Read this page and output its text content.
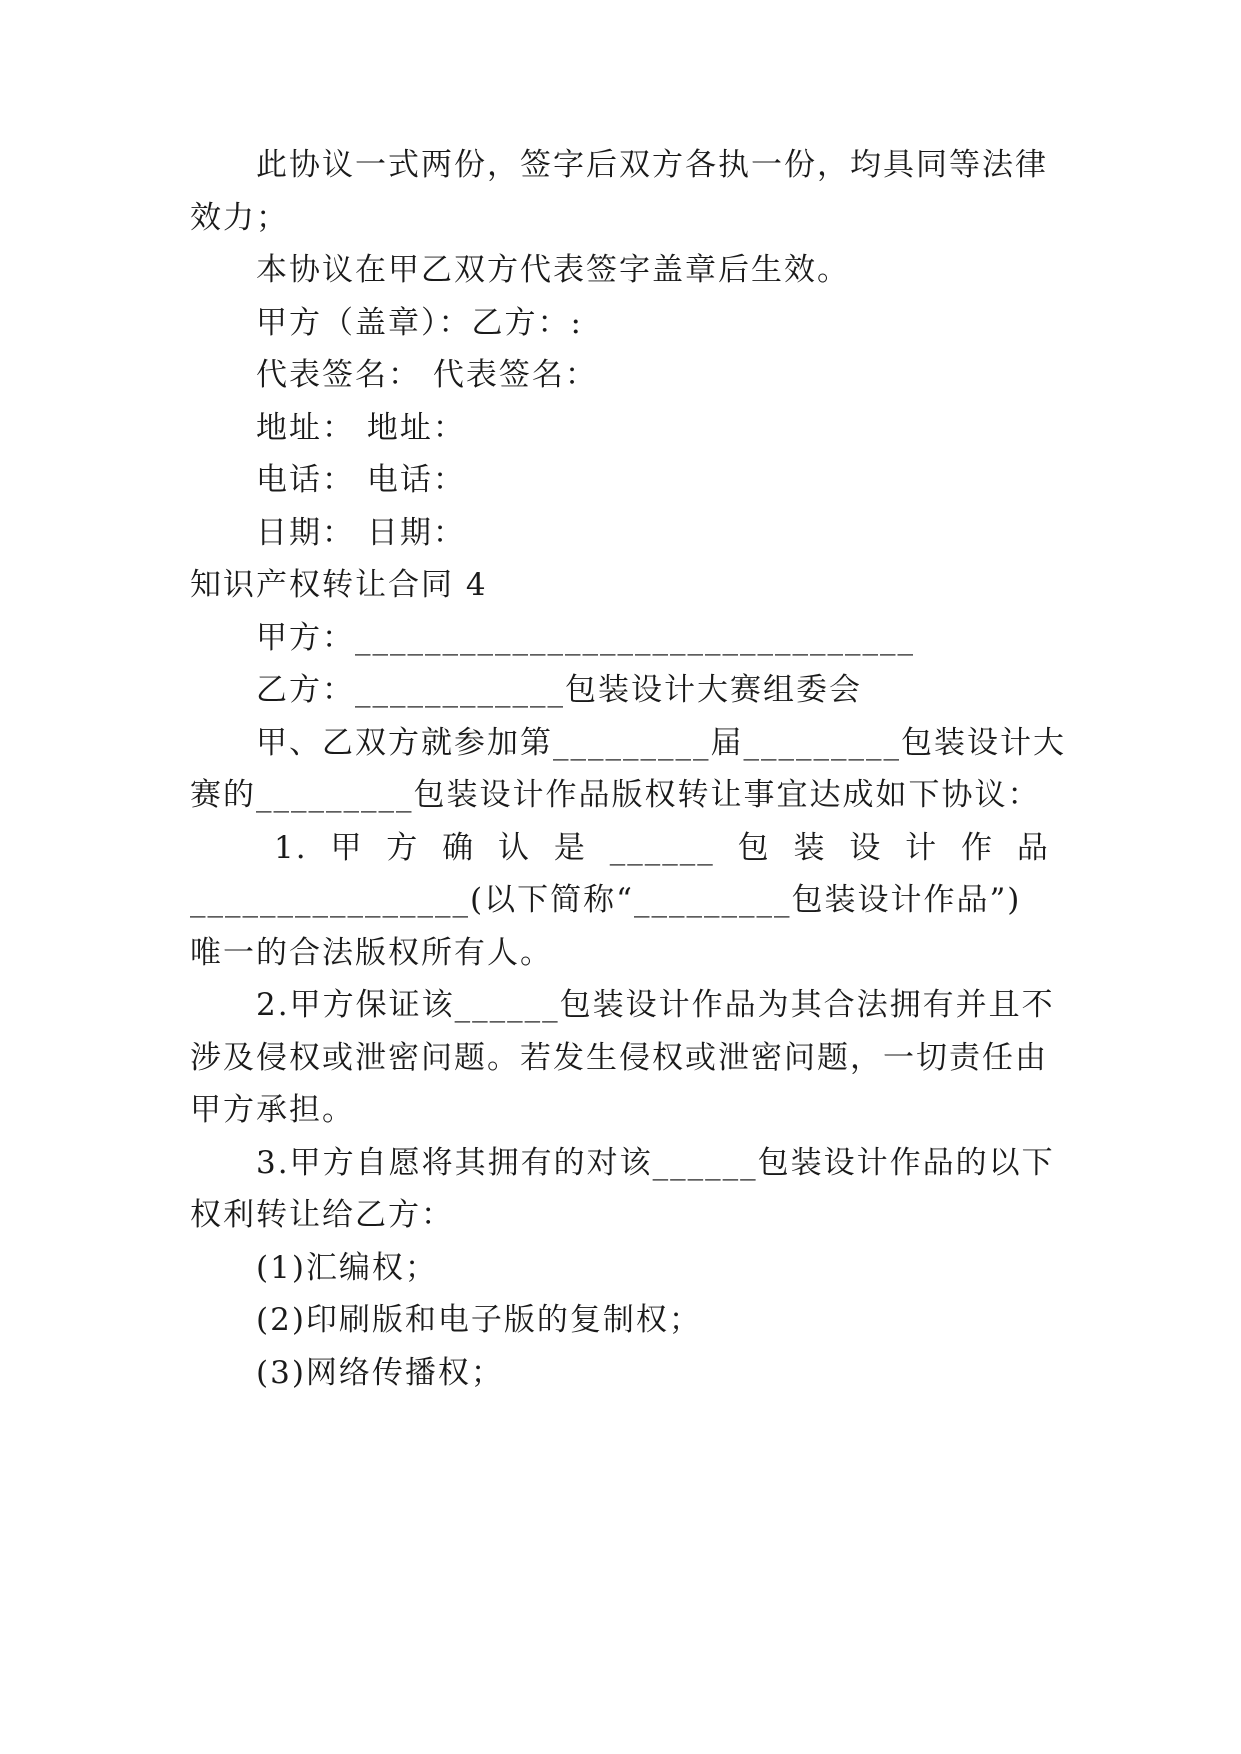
此协议一式两份，签字后双方各执一份，均具同等法律
效力；
本协议在甲乙双方代表签字盖章后生效。
甲方（盖章）：乙方：:
代表签名： 代表签名：
地址： 地址：
电话： 电话：
日期： 日期：
知识产权转让合同 4
甲方：________________________________
乙方：____________包装设计大赛组委会
甲、乙双方就参加第_________届_________包装设计大
赛的_________包装设计作品版权转让事宜达成如下协议：
1. 甲 方 确 认 是 ______ 包 装 设 计 作 品
________________(以下简称“_________包装设计作品”)
唯一的合法版权所有人。
2.甲方保证该______包装设计作品为其合法拥有并且不
涉及侵权或泄密问题。若发生侵权或泄密问题，一切责任由
甲方承担。
3.甲方自愿将其拥有的对该______包装设计作品的以下
权利转让给乙方：
(1)汇编权；
(2)印刷版和电子版的复制权；
(3)网络传播权；
